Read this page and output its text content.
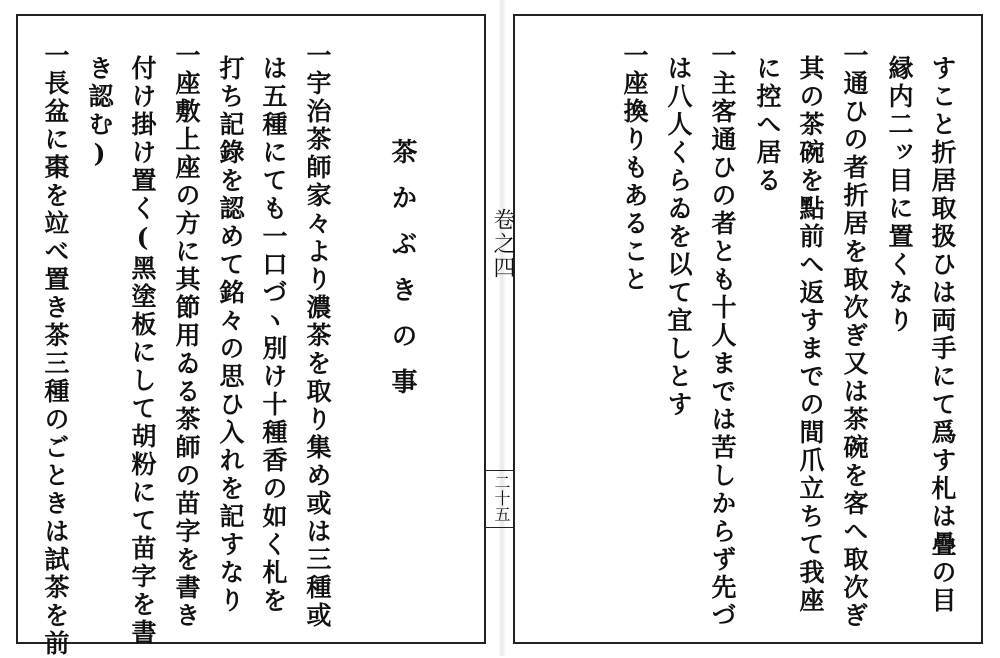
すこと折居取扱ひは両手にて爲す札は疊の目
縁内二ッ目に置くなり
一通ひの者折居を取次ぎ又は茶碗を客へ取次ぎ
其の茶碗を點前へ返すまでの間爪立ちて我座
に控へ居る
一主客通ひの者とも十人までは苦しからず先づ
は八人くらゐを以て宜しとす
一座換りもあること
卷之四
二十五
茶かぶきの事
一宇治茶師家々より濃茶を取り集め或は三種或
は五種にても一口づヽ別け十種香の如く札を
打ち記錄を認めて銘々の思ひ入れを記すなり
一座敷上座の方に其節用ゐる茶師の苗字を書き
付け掛け置く(黑塗板にして胡粉にて苗字を書
き認む)
一長盆に棗を竝べ置き茶三種のごときは試茶を前
